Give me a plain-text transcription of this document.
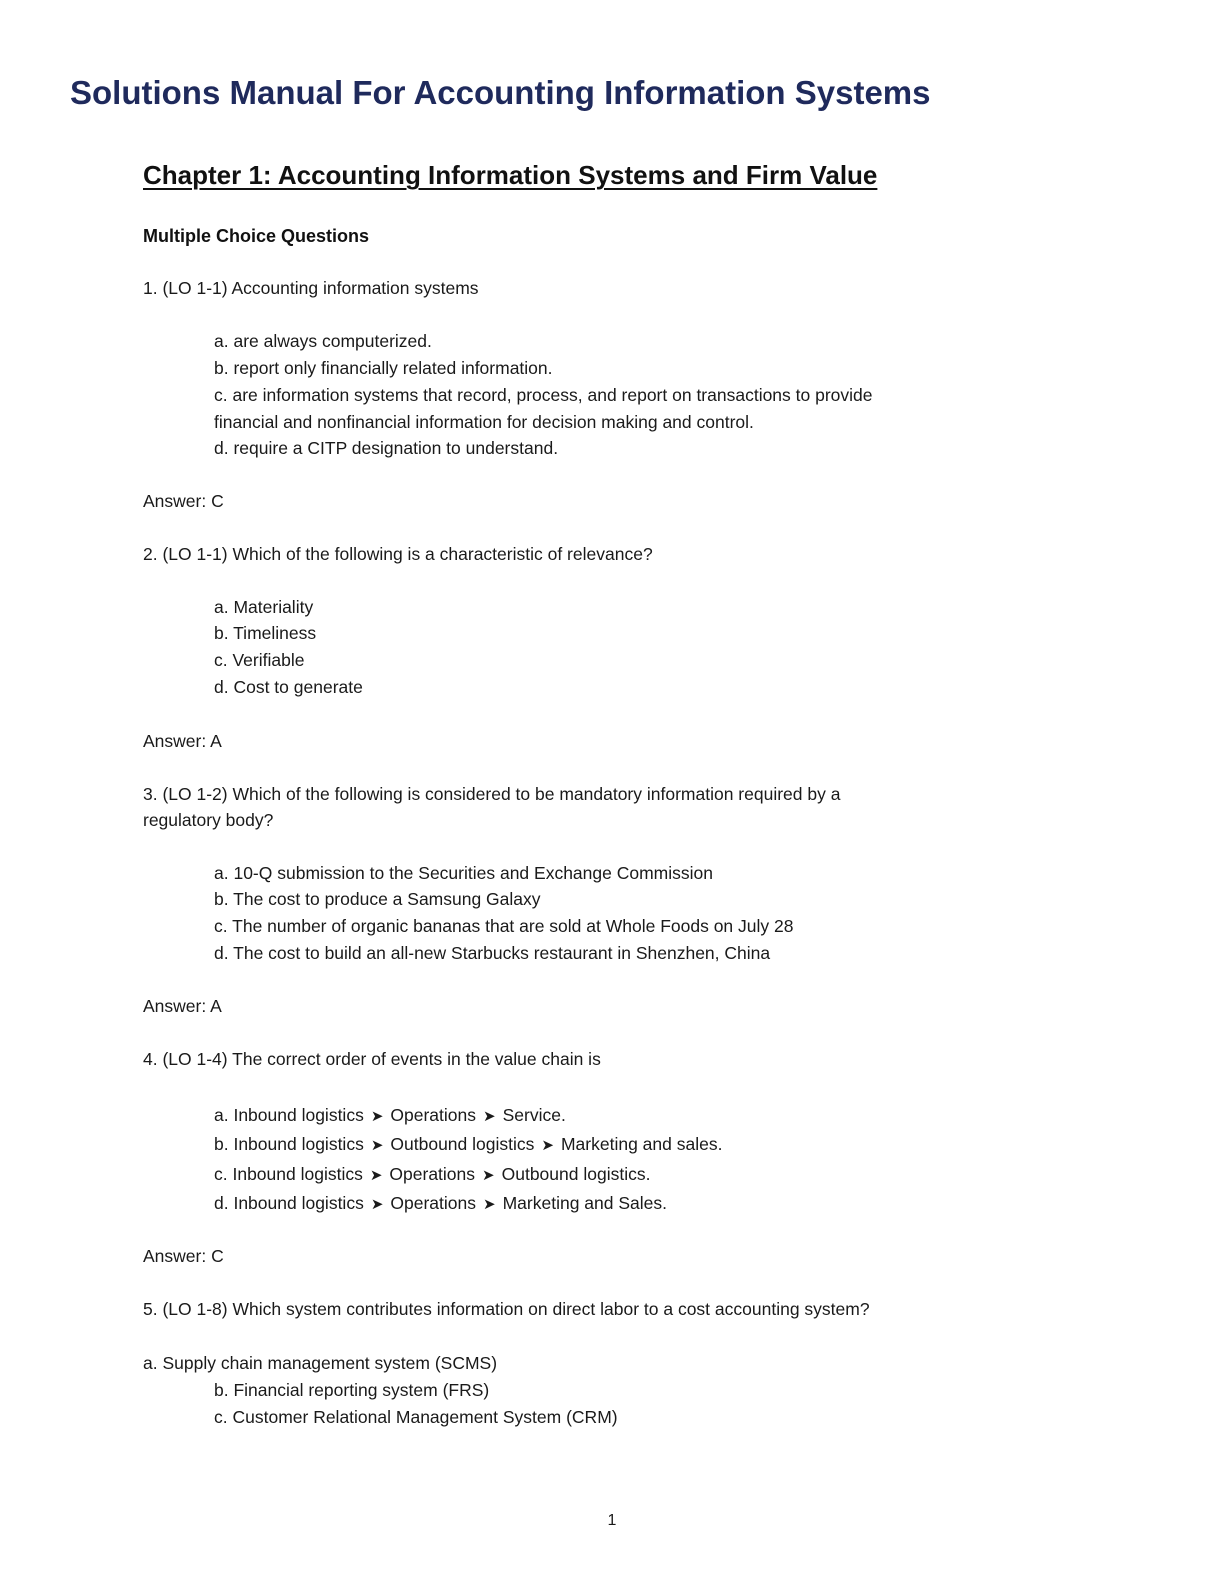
Solutions Manual For Accounting Information Systems
Chapter 1: Accounting Information Systems and Firm Value
Multiple Choice Questions
1. (LO 1-1) Accounting information systems
a. are always computerized.
b. report only financially related information.
c. are information systems that record, process, and report on transactions to provide
financial and nonfinancial information for decision making and control.
d. require a CITP designation to understand.
Answer: C
2. (LO 1-1) Which of the following is a characteristic of relevance?
a. Materiality
b. Timeliness
c. Verifiable
d. Cost to generate
Answer: A
3. (LO 1-2) Which of the following is considered to be mandatory information required by a
regulatory body?
a. 10-Q submission to the Securities and Exchange Commission
b. The cost to produce a Samsung Galaxy
c. The number of organic bananas that are sold at Whole Foods on July 28
d. The cost to build an all-new Starbucks restaurant in Shenzhen, China
Answer: A
4. (LO 1-4) The correct order of events in the value chain is
a. Inbound logistics ➤ Operations ➤ Service.
b. Inbound logistics ➤ Outbound logistics ➤ Marketing and sales.
c. Inbound logistics ➤ Operations ➤ Outbound logistics.
d. Inbound logistics ➤ Operations ➤ Marketing and Sales.
Answer: C
5. (LO 1-8) Which system contributes information on direct labor to a cost accounting system?
a. Supply chain management system (SCMS)
b. Financial reporting system (FRS)
c. Customer Relational Management System (CRM)
1
